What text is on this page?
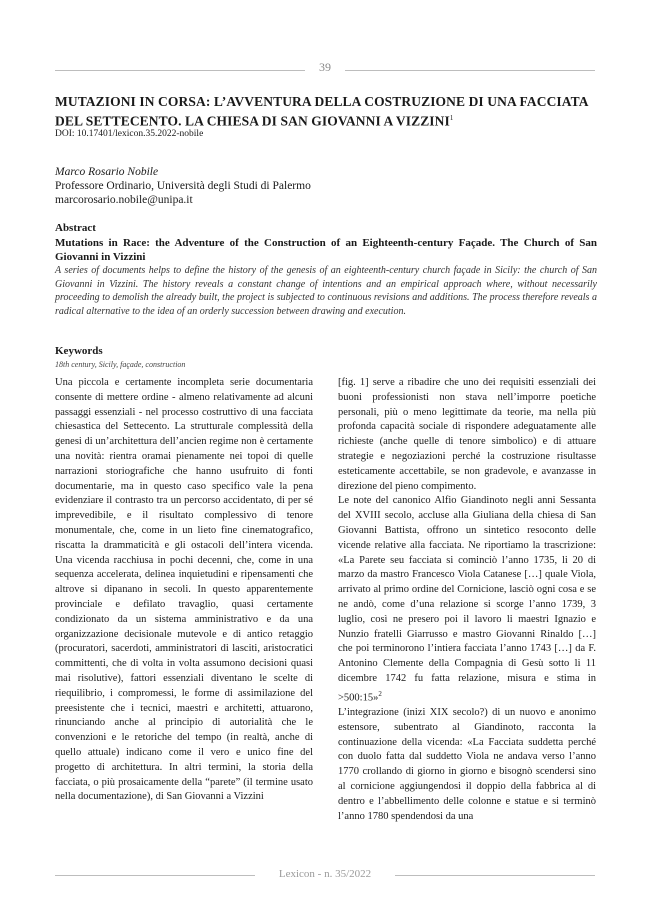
39
MUTAZIONI IN CORSA: L’AVVENTURA DELLA COSTRUZIONE DI UNA FACCIATA DEL SETTECENTO. LA CHIESA DI SAN GIOVANNI A VIZZINI$^1$
DOI: 10.17401/lexicon.35.2022-nobile
Marco Rosario Nobile
Professore Ordinario, Università degli Studi di Palermo
marcorosario.nobile@unipa.it
Abstract
Mutations in Race: the Adventure of the Construction of an Eighteenth-century Façade. The Church of San Giovanni in Vizzini
A series of documents helps to define the history of the genesis of an eighteenth-century church façade in Sicily: the church of San Giovanni in Vizzini. The history reveals a constant change of intentions and an empirical approach where, without necessarily proceeding to demolish the already built, the project is subjected to continuous revisions and additions. The process therefore reveals a radical alternative to the idea of an orderly succession between drawing and execution.
Keywords
18th century, Sicily, façade, construction

Una piccola e certamente incompleta serie documentaria consente di mettere ordine - almeno relativamente ad alcuni passaggi essenziali - nel processo costruttivo di una facciata chiesastica del Settecento. La strutturale complessità della genesi di un’architettura dell’ancien regime non è certamente una novità: rientra oramai pienamente nei topoi di quelle narrazioni storiografiche che hanno usufruito di fonti documentarie, ma in questo caso specifico vale la pena evidenziare il contrasto tra un percorso accidentato, di per sé imprevedibile, e il risultato complessivo di tenore monumentale, che, come in un lieto fine cinematografico, riscatta la drammaticità e gli ostacoli dell’intera vicenda. Una vicenda racchiusa in pochi decenni, che, come in una sequenza accelerata, delinea inquietudini e ripensamenti che altrove si dipanano in secoli. In questo apparentemente provinciale e defilato travaglio, quasi certamente condizionato da un sistema amministrativo e da una organizzazione decisionale mutevole e di antico retaggio (procuratori, sacerdoti, amministratori di lasciti, aristocratici committenti, che di volta in volta assumono decisioni quasi mai risolutive), fattori essenziali diventano le scelte di riequilibrio, i compromessi, le forme di assimilazione del preesistente che i tecnici, maestri e architetti, attuarono, rinunciando anche al principio di autorialità che le convenzioni e le retoriche del tempo (in realtà, anche di quello attuale) indicano come il vero e unico fine del progetto di architettura. In altri termini, la storia della facciata, o più prosaicamente della “parete” (il termine usato nella documentazione), di San Giovanni a Vizzini

[fig. 1] serve a ribadire che uno dei requisiti essenziali dei buoni professionisti non stava nell’imporre poetiche personali, più o meno legittimate da teorie, ma nella più profonda capacità sociale di rispondere adeguatamente alle richieste (anche quelle di tenore simbolico) e di attuare strategie e negoziazioni perché la costruzione risultasse esteticamente accettabile, se non gradevole, e avanzasse in direzione del pieno compimento.

Le note del canonico Alfio Giandinoto negli anni Sessanta del XVIII secolo, accluse alla Giuliana della chiesa di San Giovanni Battista, offrono un sintetico resoconto delle vicende relative alla facciata. Ne riportiamo la trascrizione: «La Parete seu facciata si cominciò l’anno 1735, li 20 di marzo da mastro Francesco Viola Catanese […] quale Viola, arrivato al primo ordine del Cornicione, lasciò ogni cosa e se ne andò, come d’una relazione si scorge l’anno 1739, 3 luglio, così ne presero poi il lavoro li maestri Ignazio e Nunzio fratelli Giarrusso e mastro Giovanni Rinaldo […] che poi terminorono l’intiera facciata l’anno 1743 […] da F. Antonino Clemente della Compagnia di Gesù sotto li 11 dicembre 1742 fu fatta relazione, misura e stima in >500:15»$^2$

L’integrazione (inizi XIX secolo?) di un nuovo e anonimo estensore, subentrato al Giandinoto, racconta la continuazione della vicenda: «La Facciata suddetta perché con duolo fatta dal suddetto Viola ne andava verso l’anno 1770 crollando di giorno in giorno e bisognò scendersi sino al cornicione aggiungendosi il doppio della fabbrica al di dentro e l’abbellimento delle colonne e statue e si terminò l’anno 1780 spendendosi da una

Lexicon - n. 35/2022
